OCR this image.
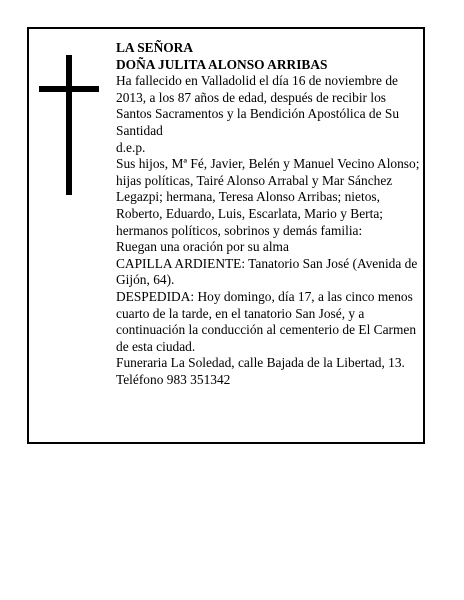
LA SEÑORA

DOÑA JULITA ALONSO ARRIBAS

Ha fallecido en Valladolid el día 16 de noviembre de 2013, a los 87 años de edad, después de recibir los Santos Sacramentos y la Bendición Apostólica de Su Santidad

d.e.p.

Sus hijos, Mª Fé, Javier, Belén y Manuel Vecino Alonso; hijas políticas, Tairé Alonso Arrabal y Mar Sánchez Legazpi; hermana, Teresa Alonso Arribas; nietos, Roberto, Eduardo, Luis, Escarlata, Mario y Berta; hermanos políticos, sobrinos y demás familia:

Ruegan una oración por su alma

CAPILLA ARDIENTE: Tanatorio San José (Avenida de Gijón, 64).

DESPEDIDA: Hoy domingo, día 17, a las cinco menos cuarto de la tarde, en el tanatorio San José, y a continuación la conducción al cementerio de El Carmen de esta ciudad.

Funeraria La Soledad, calle Bajada de la Libertad, 13. Teléfono 983 351342
